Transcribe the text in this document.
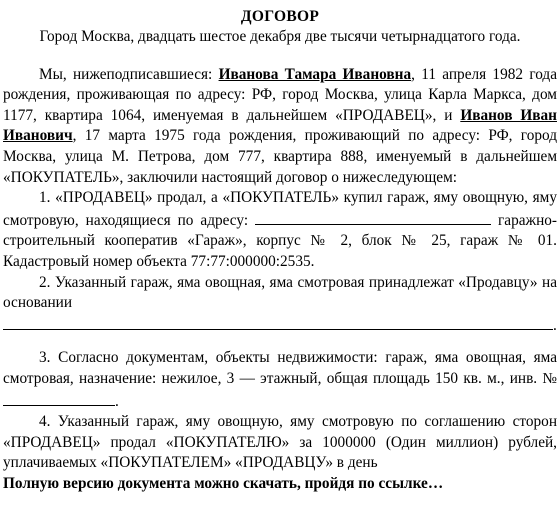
ДОГОВОР
Город Москва, двадцать шестое декабря две тысячи четырнадцатого года.

Мы, нижеподписавшиеся: Иванова Тамара Ивановна, 11 апреля 1982 года рождения, проживающая по адресу: РФ, город Москва, улица Карла Маркса, дом 1177, квартира 1064, именуемая в дальнейшем «ПРОДАВЕЦ», и Иванов Иван Иванович, 17 марта 1975 года рождения, проживающий по адресу: РФ, город Москва, улица М. Петрова, дом 777, квартира 888, именуемый в дальнейшем «ПОКУПАТЕЛЬ», заключили настоящий договор о нижеследующем:

1. «ПРОДАВЕЦ» продал, а «ПОКУПАТЕЛЬ» купил гараж, яму овощную, яму смотровую, находящиеся по адресу:	гаражно-строительный кооператив «Гараж», корпус № 2, блок № 25, гараж № 01. Кадастровый номер объекта 77:77:000000:2535.

2. Указанный гараж, яма овощная, яма смотровая принадлежат «Продавцу» на основании

.

3. Согласно документам, объекты недвижимости: гараж, яма овощная, яма смотровая, назначение: нежилое, 3 — этажный, общая площадь 150 кв. м., инв. № .

4. Указанный гараж, яму овощную, яму смотровую по соглашению сторон «ПРОДАВЕЦ» продал «ПОКУПАТЕЛЮ» за 1000000 (Один миллион) рублей, уплачиваемых «ПОКУПАТЕЛЕМ» «ПРОДАВЦУ» в день

Полную версию документа можно скачать, пройдя по ссылке…
